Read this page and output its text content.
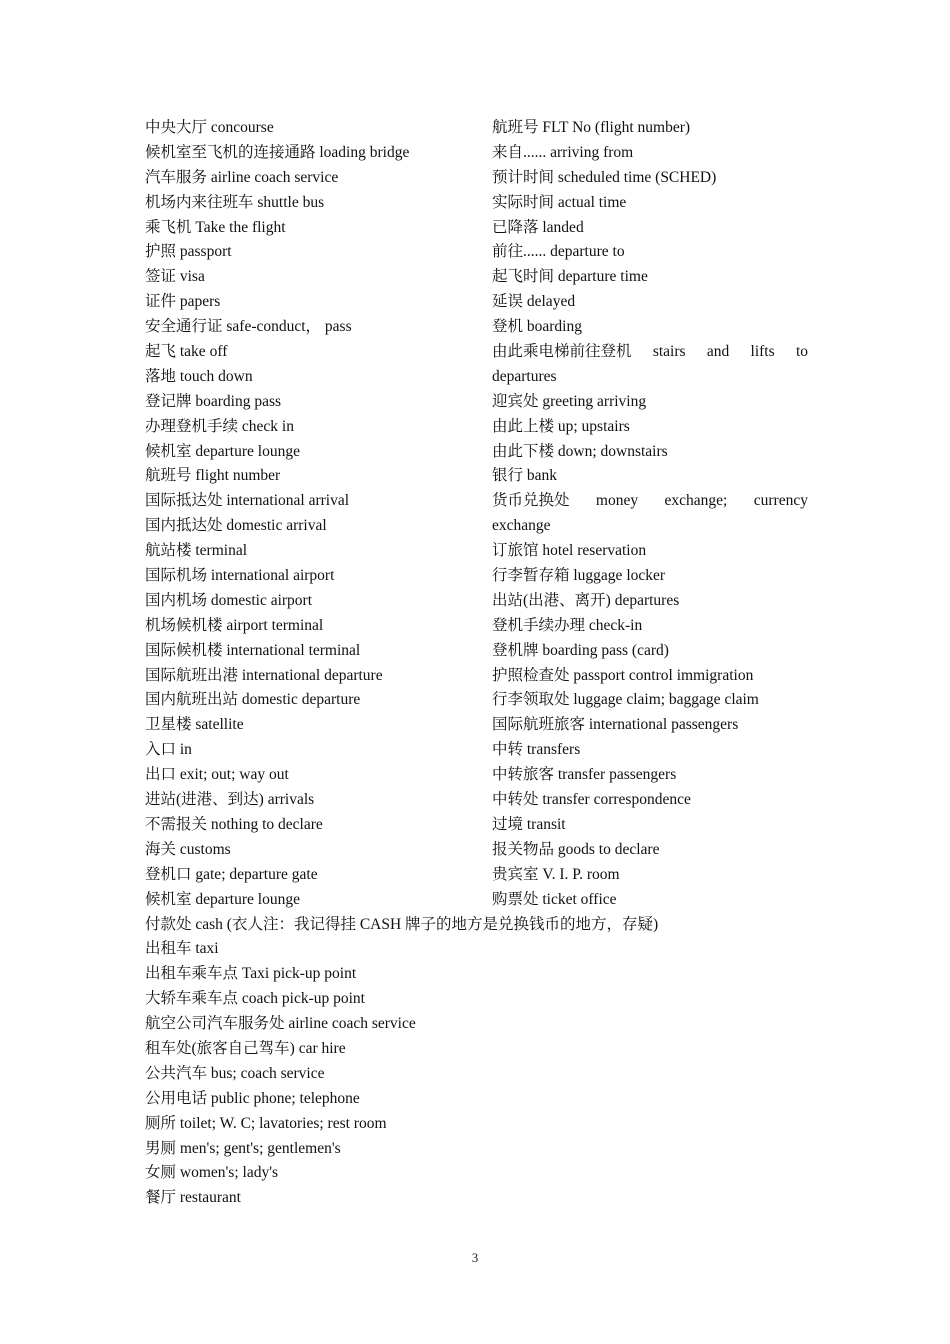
中央大厅 concourse
候机室至飞机的连接通路 loading bridge
汽车服务 airline coach service
机场内来往班车 shuttle bus
乘飞机 Take the flight
护照 passport
签证 visa
证件 papers
安全通行证 safe-conduct， pass
起飞 take off
落地 touch down
登记牌 boarding pass
办理登机手续 check in
候机室 departure lounge
航班号 flight number
国际抵达处 international arrival
国内抵达处 domestic arrival
航站楼 terminal
国际机场 international airport
国内机场 domestic airport
机场候机楼 airport terminal
国际候机楼 international terminal
国际航班出港 international departure
国内航班出站 domestic departure
卫星楼 satellite
入口 in
出口 exit; out; way out
进站(进港、到达) arrivals
不需报关 nothing to declare
海关 customs
登机口 gate; departure gate
候机室 departure lounge
付款处 cash (衣人注：我记得挂 CASH 牌子的地方是兑换钱币的地方，存疑)
出租车 taxi
出租车乘车点 Taxi pick-up point
大轿车乘车点 coach pick-up point
航空公司汽车服务处 airline coach service
租车处(旅客自己驾车) car hire
公共汽车 bus; coach service
公用电话 public phone; telephone
厕所 toilet; W. C; lavatories; rest room
男厕 men's; gent's; gentlemen's
女厕 women's; lady's
餐厅 restaurant
航班号 FLT No (flight number)
来自...... arriving from
预计时间 scheduled time (SCHED)
实际时间 actual time
已降落 landed
前往...... departure to
起飞时间 departure time
延误 delayed
登机 boarding
由此乘电梯前往登机 stairs and lifts to
departures
迎宾处 greeting arriving
由此上楼 up; upstairs
由此下楼 down; downstairs
银行 bank
货币兑换处 money exchange; currency
exchange
订旅馆 hotel reservation
行李暂存箱 luggage locker
出站(出港、离开) departures
登机手续办理 check-in
登机牌 boarding pass (card)
护照检查处 passport control immigration
行李领取处 luggage claim; baggage claim
国际航班旅客 international passengers
中转 transfers
中转旅客 transfer passengers
中转处 transfer correspondence
过境 transit
报关物品 goods to declare
贵宾室 V. I. P. room
购票处 ticket office
3
